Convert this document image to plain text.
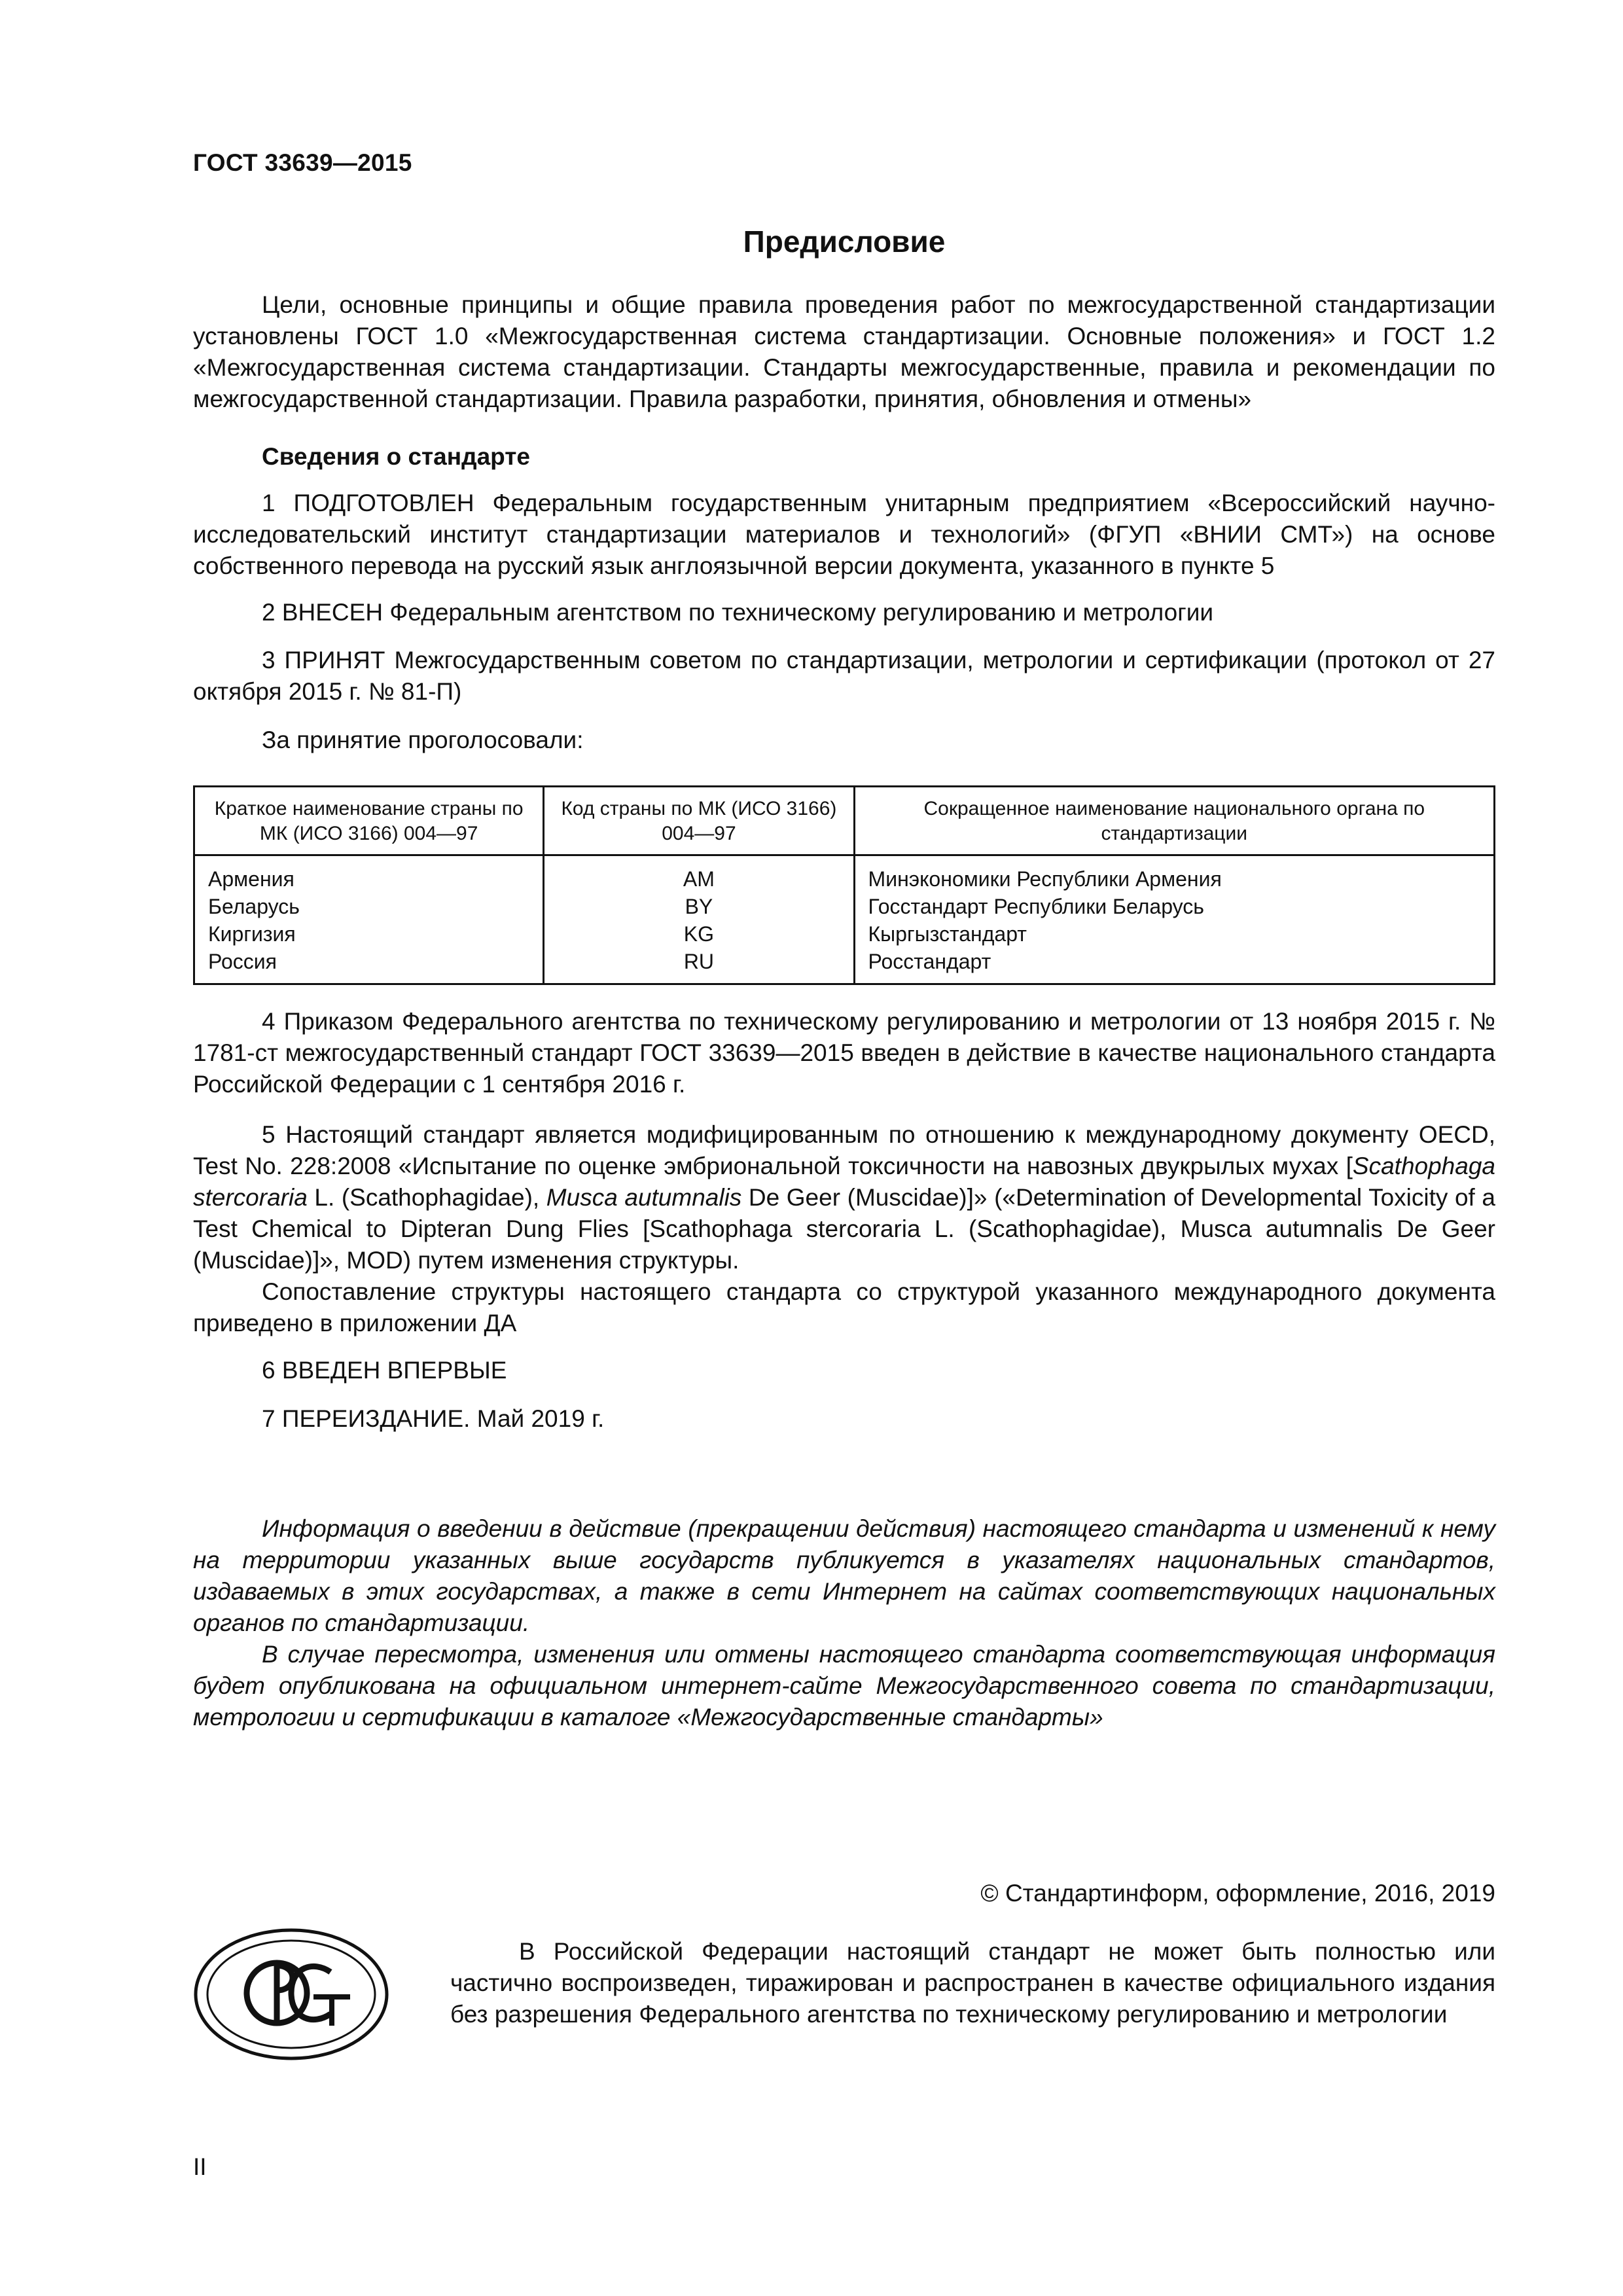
ГОСТ 33639—2015
Предисловие

Цели, основные принципы и общие правила проведения работ по межгосударственной стандартизации установлены ГОСТ 1.0 «Межгосударственная система стандартизации. Основные положения» и ГОСТ 1.2 «Межгосударственная система стандартизации. Стандарты межгосударственные, правила и рекомендации по межгосударственной стандартизации. Правила разработки, принятия, обновления и отмены»

Сведения о стандарте

1 ПОДГОТОВЛЕН Федеральным государственным унитарным предприятием «Всероссийский научно-исследовательский институт стандартизации материалов и технологий» (ФГУП «ВНИИ СМТ») на основе собственного перевода на русский язык англоязычной версии документа, указанного в пункте 5

2 ВНЕСЕН Федеральным агентством по техническому регулированию и метрологии

3 ПРИНЯТ Межгосударственным советом по стандартизации, метрологии и сертификации (протокол от 27 октября 2015 г. № 81-П)

За принятие проголосовали:

Краткое наименование страны по МК (ИСО 3166) 004—97	Код страны по МК (ИСО 3166) 004—97	Сокращенное наименование национального органа по стандартизации
Армения	AM	Минэкономики Республики Армения
Беларусь	BY	Госстандарт Республики Беларусь
Киргизия	KG	Кыргызстандарт
Россия	RU	Росстандарт

4 Приказом Федерального агентства по техническому регулированию и метрологии от 13 ноября 2015 г. № 1781-ст межгосударственный стандарт ГОСТ 33639—2015 введен в действие в качестве национального стандарта Российской Федерации с 1 сентября 2016 г.

5 Настоящий стандарт является модифицированным по отношению к международному документу OECD, Test No. 228:2008 «Испытание по оценке эмбриональной токсичности на навозных двукрылых мухах [Scathophaga stercoraria L. (Scathophagidae), Musca autumnalis De Geer (Muscidae)]» («Determination of Developmental Toxicity of a Test Chemical to Dipteran Dung Flies [Scathophaga stercoraria L. (Scathophagidae), Musca autumnalis De Geer (Muscidae)]», MOD) путем изменения структуры.

Сопоставление структуры настоящего стандарта со структурой указанного международного документа приведено в приложении ДА

6 ВВЕДЕН ВПЕРВЫЕ

7 ПЕРЕИЗДАНИЕ. Май 2019 г.

Информация о введении в действие (прекращении действия) настоящего стандарта и изменений к нему на территории указанных выше государств публикуется в указателях национальных стандартов, издаваемых в этих государствах, а также в сети Интернет на сайтах соответствующих национальных органов по стандартизации.

В случае пересмотра, изменения или отмены настоящего стандарта соответствующая информация будет опубликована на официальном интернет-сайте Межгосударственного совета по стандартизации, метрологии и сертификации в каталоге «Межгосударственные стандарты»

© Стандартинформ, оформление, 2016, 2019

В Российской Федерации настоящий стандарт не может быть полностью или частично воспроизведен, тиражирован и распространен в качестве официального издания без разрешения Федерального агентства по техническому регулированию и метрологии

II
